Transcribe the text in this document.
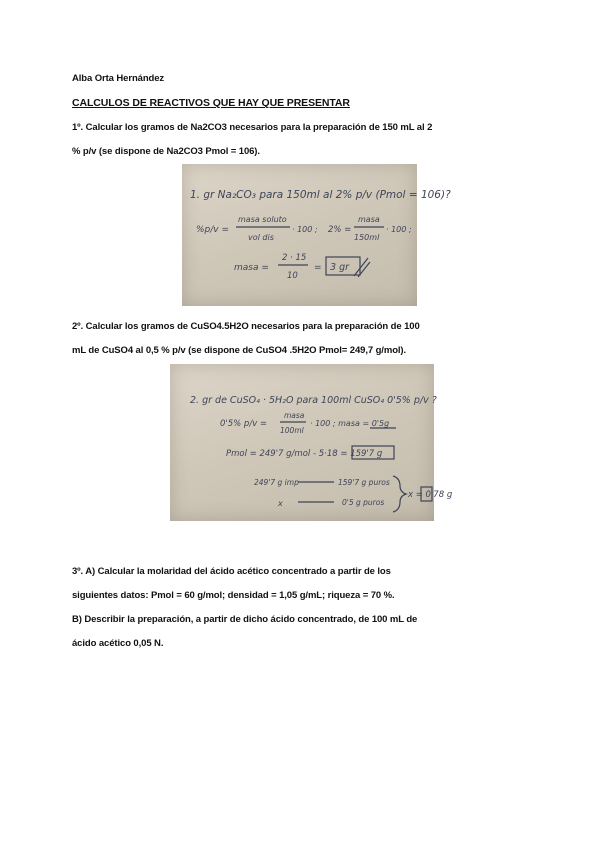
Alba Orta Hernández
CALCULOS DE REACTIVOS QUE HAY QUE PRESENTAR
1º. Calcular los gramos de Na2CO3 necesarios para la preparación de 150 mL al 2
% p/v (se dispone de Na2CO3 Pmol = 106).
1. gr Na₂CO₃ para 150ml al 2% p/v (Pmol = 106)?
%p/v =
masa soluto
vol dis
· 100 ; 2% =
masa
150ml
· 100 ;
masa =
2 · 15
10
= 3 gr
2º. Calcular los gramos de CuSO4.5H2O necesarios para la preparación de 100
mL de CuSO4 al 0,5 % p/v (se dispone de CuSO4 .5H2O Pmol= 249,7 g/mol).
2. gr de CuSO₄ · 5H₂O para 100ml CuSO₄ 0'5% p/v ?
0'5% p/v =
masa
100ml
· 100 ; masa = 0'5g
Pmol = 249'7 g/mol - 5·18 = 159'7 g
249'7 g imp	159'7 g puros
x	0'5 g puros
x = 0'78 g
3º. A) Calcular la molaridad del ácido acético concentrado a partir de los
siguientes datos: Pmol = 60 g/mol; densidad = 1,05 g/mL; riqueza = 70 %.
B) Describir la preparación, a partir de dicho ácido concentrado, de 100 mL de
ácido acético 0,05 N.
